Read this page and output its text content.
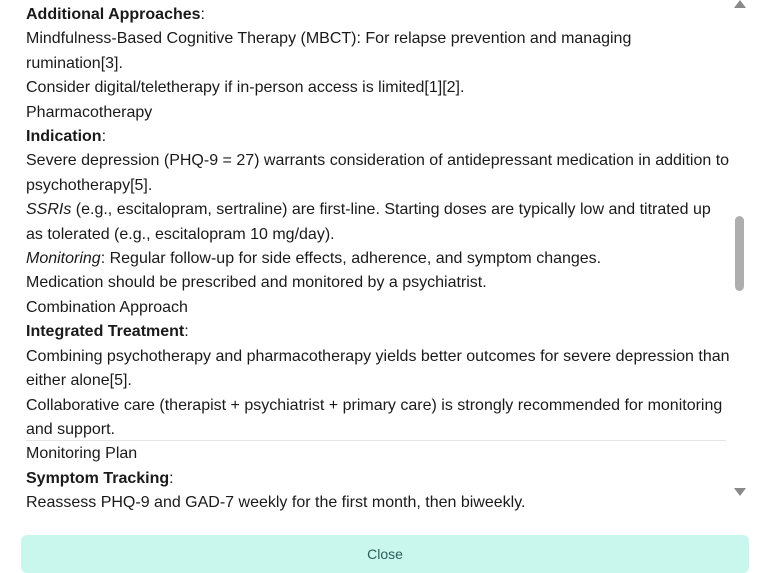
Additional Approaches:
Mindfulness-Based Cognitive Therapy (MBCT): For relapse prevention and managing rumination[3].
Consider digital/teletherapy if in-person access is limited[1][2].
Pharmacotherapy
Indication:
Severe depression (PHQ-9 = 27) warrants consideration of antidepressant medication in addition to psychotherapy[5].
SSRIs (e.g., escitalopram, sertraline) are first-line. Starting doses are typically low and titrated up as tolerated (e.g., escitalopram 10 mg/day).
Monitoring: Regular follow-up for side effects, adherence, and symptom changes.
Medication should be prescribed and monitored by a psychiatrist.
Combination Approach
Integrated Treatment:
Combining psychotherapy and pharmacotherapy yields better outcomes for severe depression than either alone[5].
Collaborative care (therapist + psychiatrist + primary care) is strongly recommended for monitoring and support.
Monitoring Plan
Symptom Tracking:
Reassess PHQ-9 and GAD-7 weekly for the first month, then biweekly.
Close
